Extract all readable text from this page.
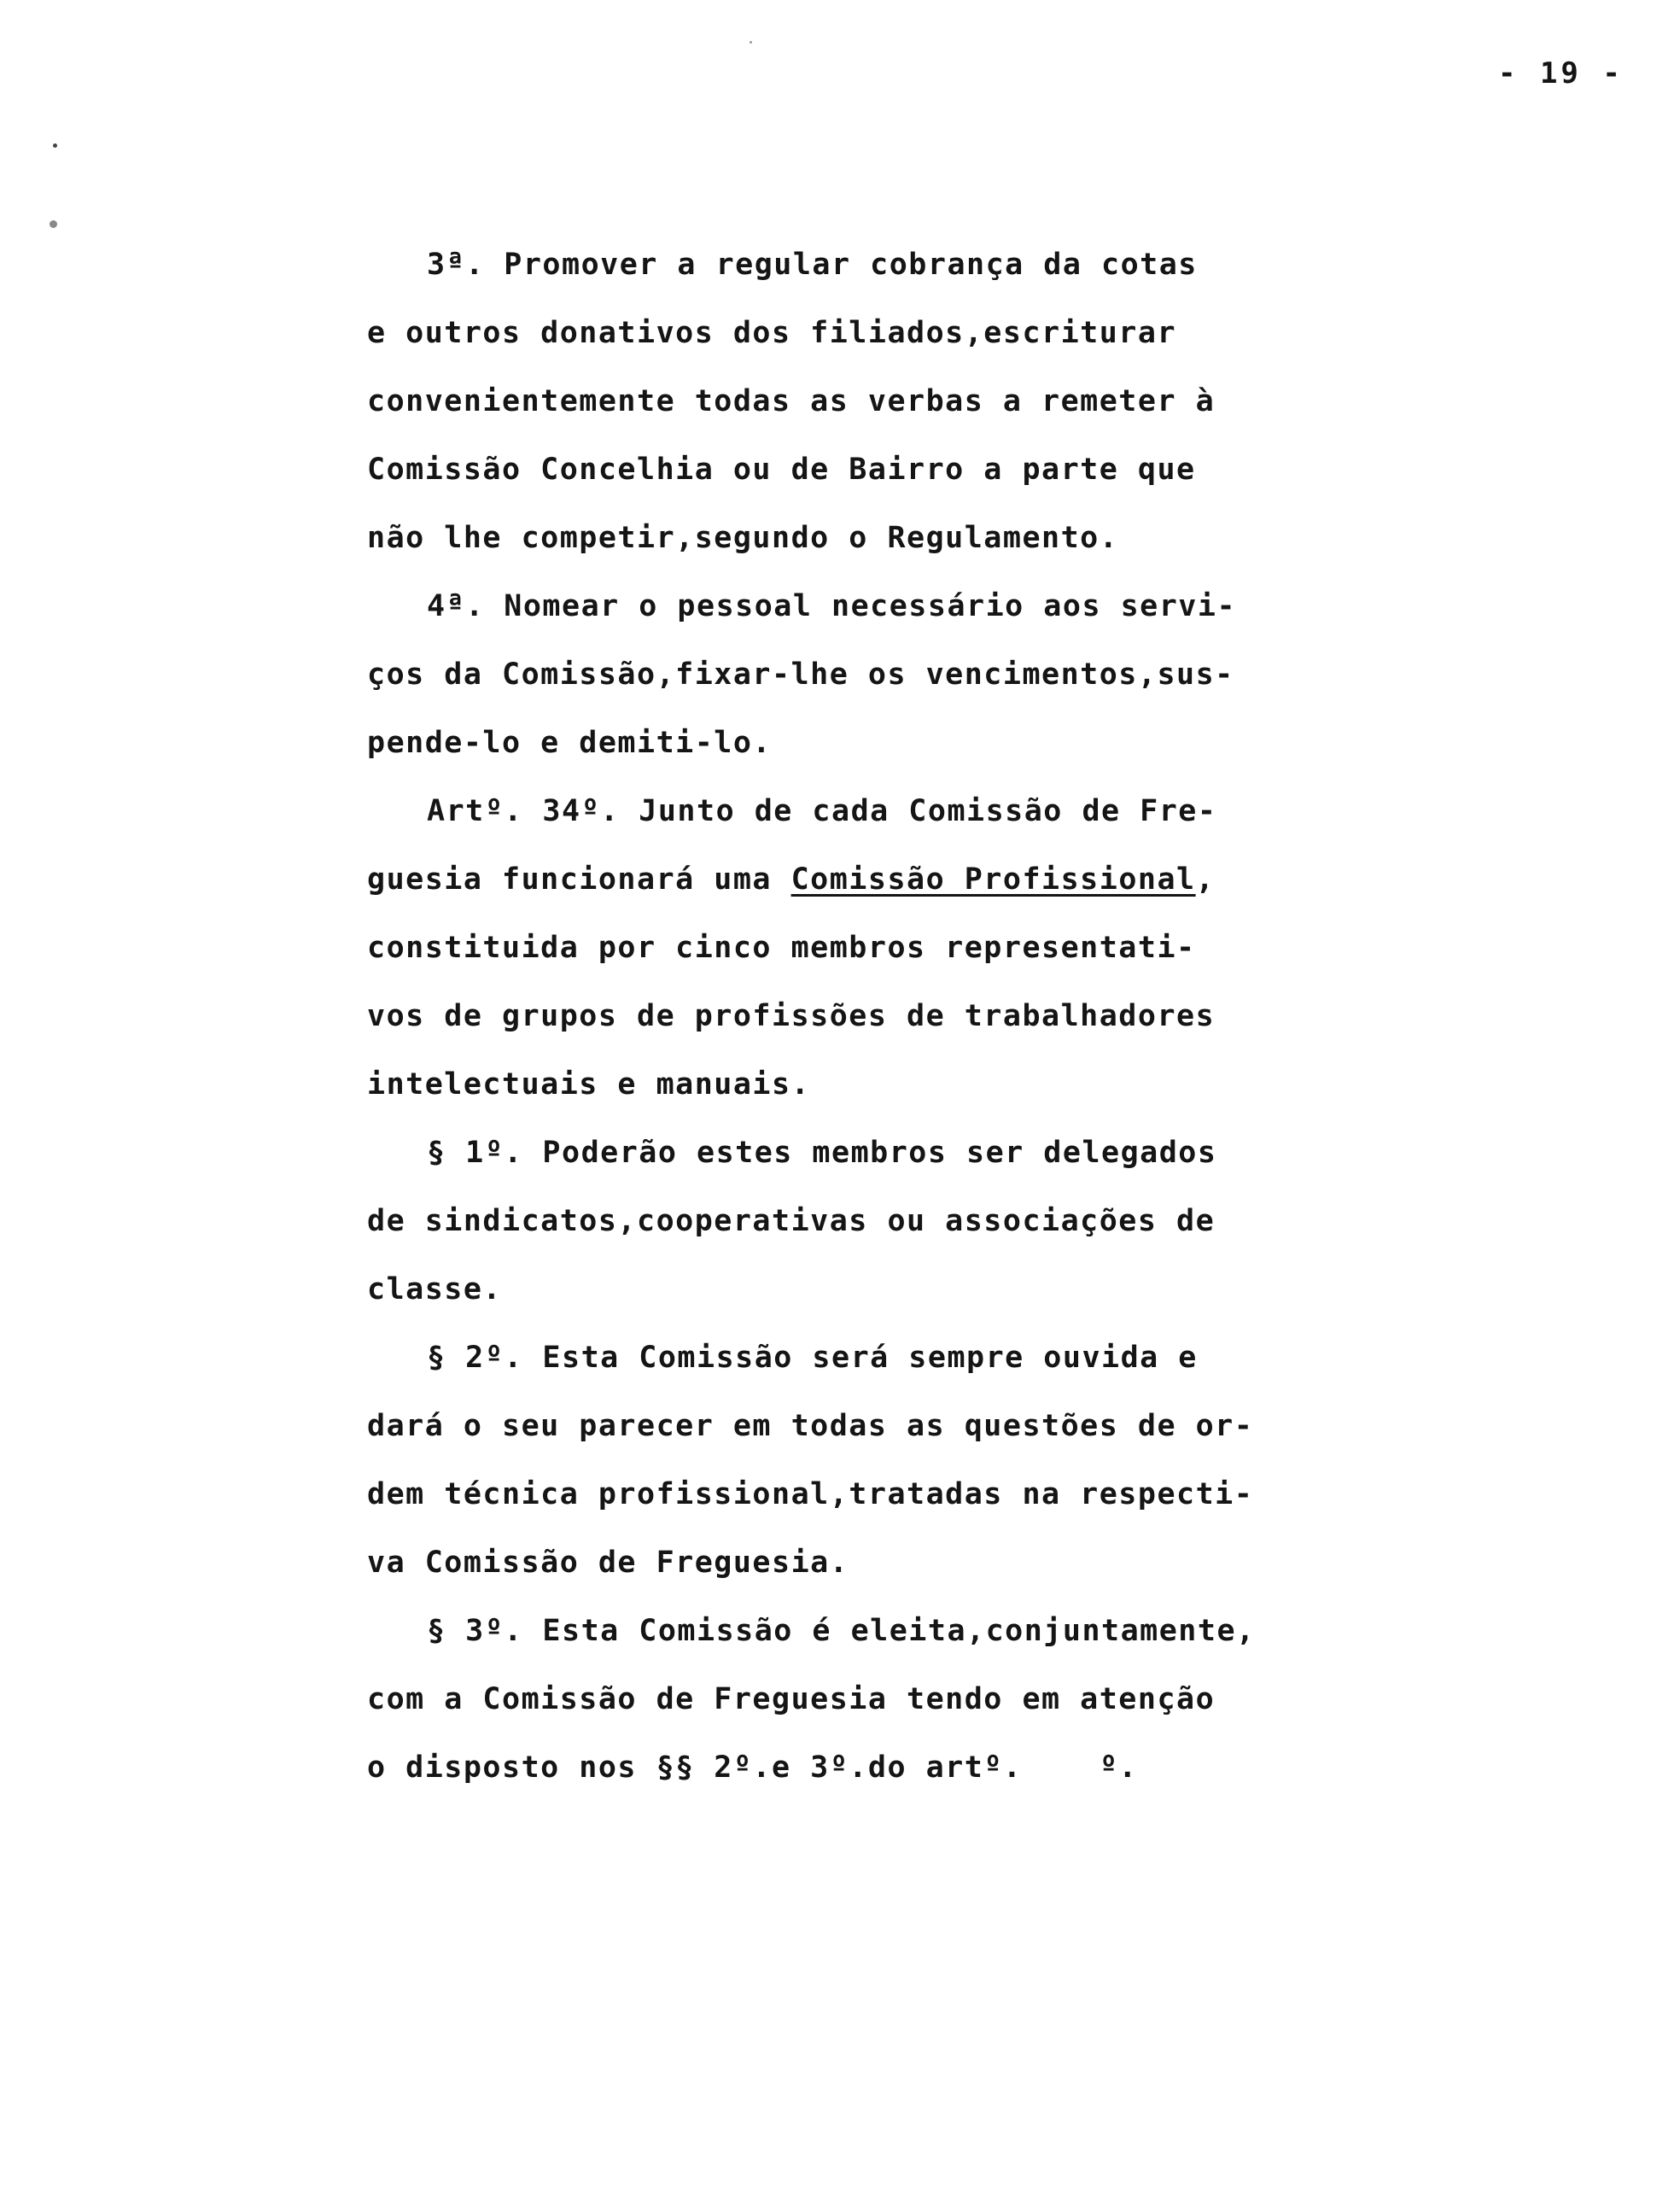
- 19 -
3ª. Promover a regular cobrança da cotas
e outros donativos dos filiados,escriturar
convenientemente todas as verbas a remeter à
Comissão Concelhia ou de Bairro a parte que
não lhe competir,segundo o Regulamento.
4ª. Nomear o pessoal necessário aos servi-
ços da Comissão,fixar-lhe os vencimentos,sus-
pende-lo e demiti-lo.
Artº. 34º. Junto de cada Comissão de Fre-
guesia funcionará uma Comissão Profissional,
constituida por cinco membros representati-
vos de grupos de profissões de trabalhadores
intelectuais e manuais.
§ 1º. Poderão estes membros ser delegados
de sindicatos,cooperativas ou associações de
classe.
§ 2º. Esta Comissão será sempre ouvida e
dará o seu parecer em todas as questões de or-
dem técnica profissional,tratadas na respecti-
va Comissão de Freguesia.
§ 3º. Esta Comissão é eleita,conjuntamente,
com a Comissão de Freguesia tendo em atenção
o disposto nos §§ 2º.e 3º.do artº.    º.
